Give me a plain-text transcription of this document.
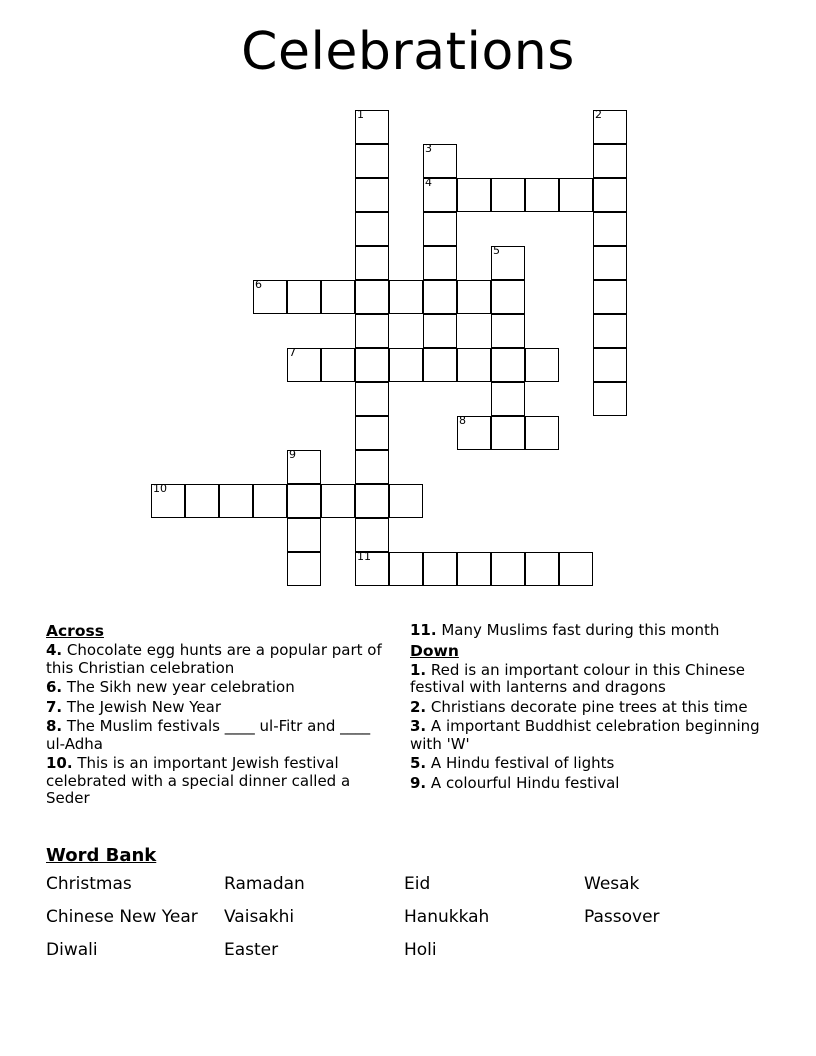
Celebrations
1	2
3
4
5
6
7
8
9
10
11
Across

4. Chocolate egg hunts are a popular part of this Christian celebration

6. The Sikh new year celebration

7. The Jewish New Year

8. The Muslim festivals ____ ul-Fitr and ____ ul-Adha

10. This is an important Jewish festival celebrated with a special dinner called a Seder

11. Many Muslims fast during this month

Down

1. Red is an important colour in this Chinese festival with lanterns and dragons

2. Christians decorate pine trees at this time

3. A important Buddhist celebration beginning with 'W'

5. A Hindu festival of lights

9. A colourful Hindu festival

Word Bank
Christmas	Ramadan	Eid	Wesak
Chinese New Year	Vaisakhi	Hanukkah	Passover
Diwali	Easter	Holi
